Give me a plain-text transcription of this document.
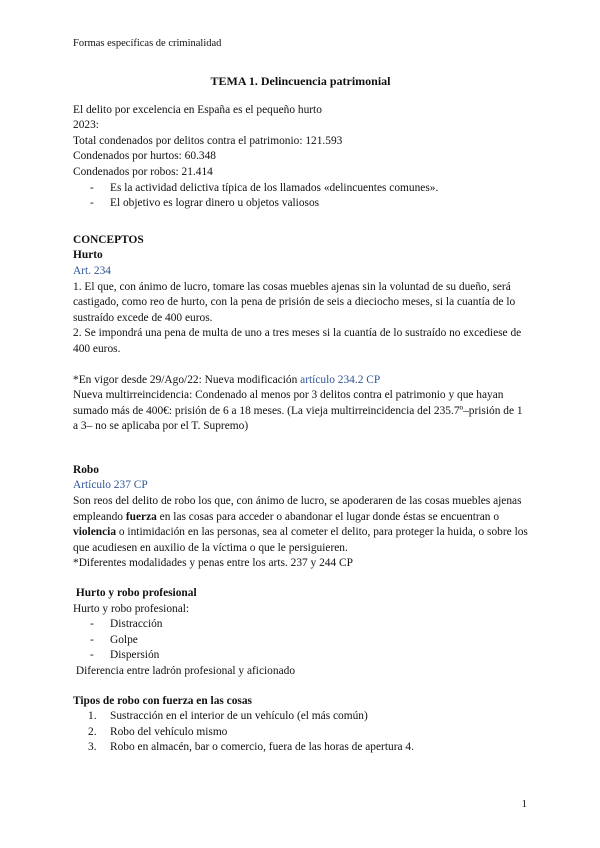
Formas específicas de criminalidad
TEMA 1. Delincuencia patrimonial

El delito por excelencia en España es el pequeño hurto

2023:

Total condenados por delitos contra el patrimonio: 121.593

Condenados por hurtos: 60.348

Condenados por robos: 21.414

- Es la actividad delictiva típica de los llamados «delincuentes comunes».
- El objetivo es lograr dinero u objetos valiosos

CONCEPTOS

Hurto

Art. 234

1. El que, con ánimo de lucro, tomare las cosas muebles ajenas sin la voluntad de su dueño, será castigado, como reo de hurto, con la pena de prisión de seis a dieciocho meses, si la cuantía de lo sustraído excede de 400 euros.

2. Se impondrá una pena de multa de uno a tres meses si la cuantía de lo sustraído no excediese de 400 euros.

*En vigor desde 29/Ago/22: Nueva modificación artículo 234.2 CP

Nueva multirreincidencia: Condenado al menos por 3 delitos contra el patrimonio y que hayan sumado más de 400€: prisión de 6 a 18 meses. (La vieja multirreincidencia del 235.7º–prisión de 1 a 3– no se aplicaba por el T. Supremo)

Robo

Artículo 237 CP

Son reos del delito de robo los que, con ánimo de lucro, se apoderaren de las cosas muebles ajenas empleando fuerza en las cosas para acceder o abandonar el lugar donde éstas se encuentran o violencia o intimidación en las personas, sea al cometer el delito, para proteger la huida, o sobre los que acudiesen en auxilio de la víctima o que le persiguieren.

*Diferentes modalidades y penas entre los arts. 237 y 244 CP

Hurto y robo profesional

Hurto y robo profesional:

- Distracción
- Golpe
- Dispersión

Diferencia entre ladrón profesional y aficionado

Tipos de robo con fuerza en las cosas

1. Sustracción en el interior de un vehículo (el más común)
2. Robo del vehículo mismo
3. Robo en almacén, bar o comercio, fuera de las horas de apertura 4.
1
